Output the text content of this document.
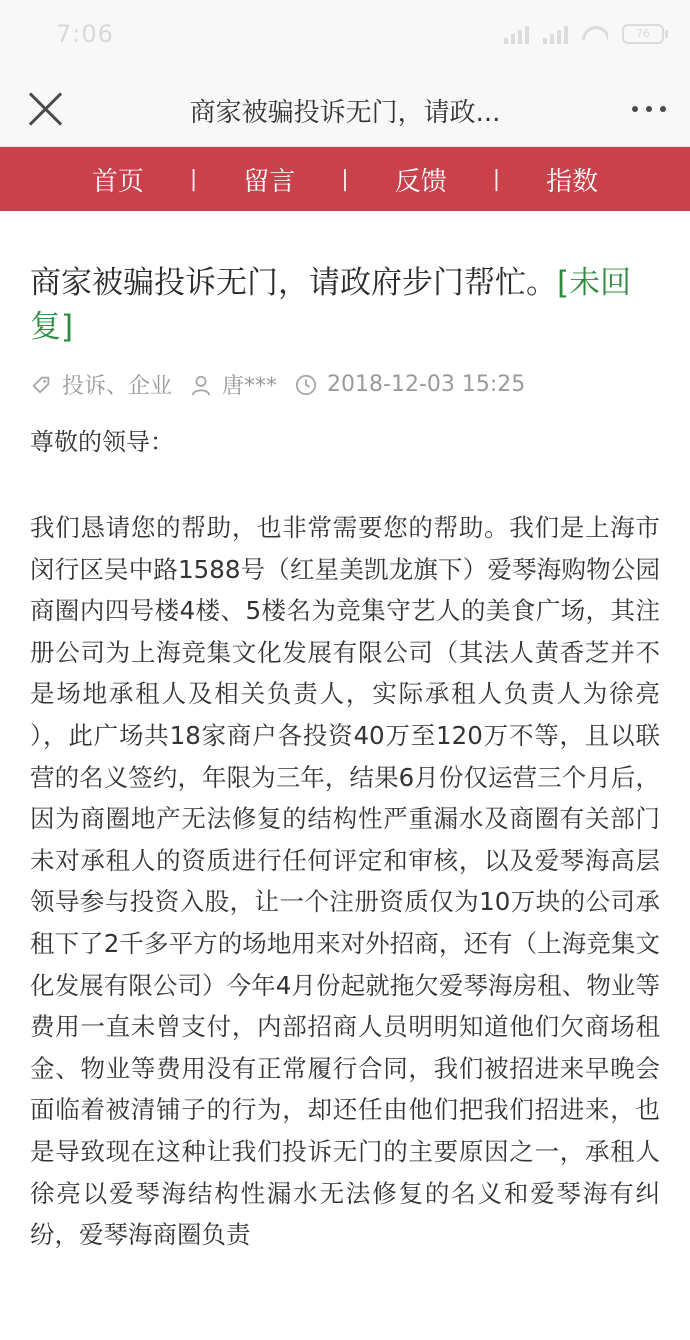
7:06	76
商家被骗投诉无门，请政...
首页 | 留言 | 反馈 | 指数
商家被骗投诉无门，请政府步门帮忙。[未回复]
投诉、企业 唐*** 2018-12-03 15:25
尊敬的领导：
我们恳请您的帮助，也非常需要您的帮助。我们是上海市闵行区吴中路1588号（红星美凯龙旗下）爱琴海购物公园 商圈内四号楼4楼、5楼名为竞集守艺人的美食广场，其注册公司为上海竞集文化发展有限公司（其法人黄香芝并不是场地承租人及相关负责人，实际承租人负责人为徐亮 ），此广场共18家商户各投资40万至120万不等，且以联营的名义签约，年限为三年，结果6月份仅运营三个月后，因为商圈地产无法修复的结构性严重漏水及商圈有关部门未对承租人的资质进行任何评定和审核，以及爱琴海高层领导参与投资入股，让一个注册资质仅为10万块的公司承租下了2千多平方的场地用来对外招商，还有（上海竞集文化发展有限公司）今年4月份起就拖欠爱琴海房租、物业等费用一直未曾支付，内部招商人员明明知道他们欠商场租金、物业等费用没有正常履行合同，我们被招进来早晚会面临着被清铺子的行为，却还任由他们把我们招进来，也是导致现在这种让我们投诉无门的主要原因之一，承租人徐亮以爱琴海结构性漏水无法修复的名义和爱琴海有纠纷，爱琴海商圈负责
